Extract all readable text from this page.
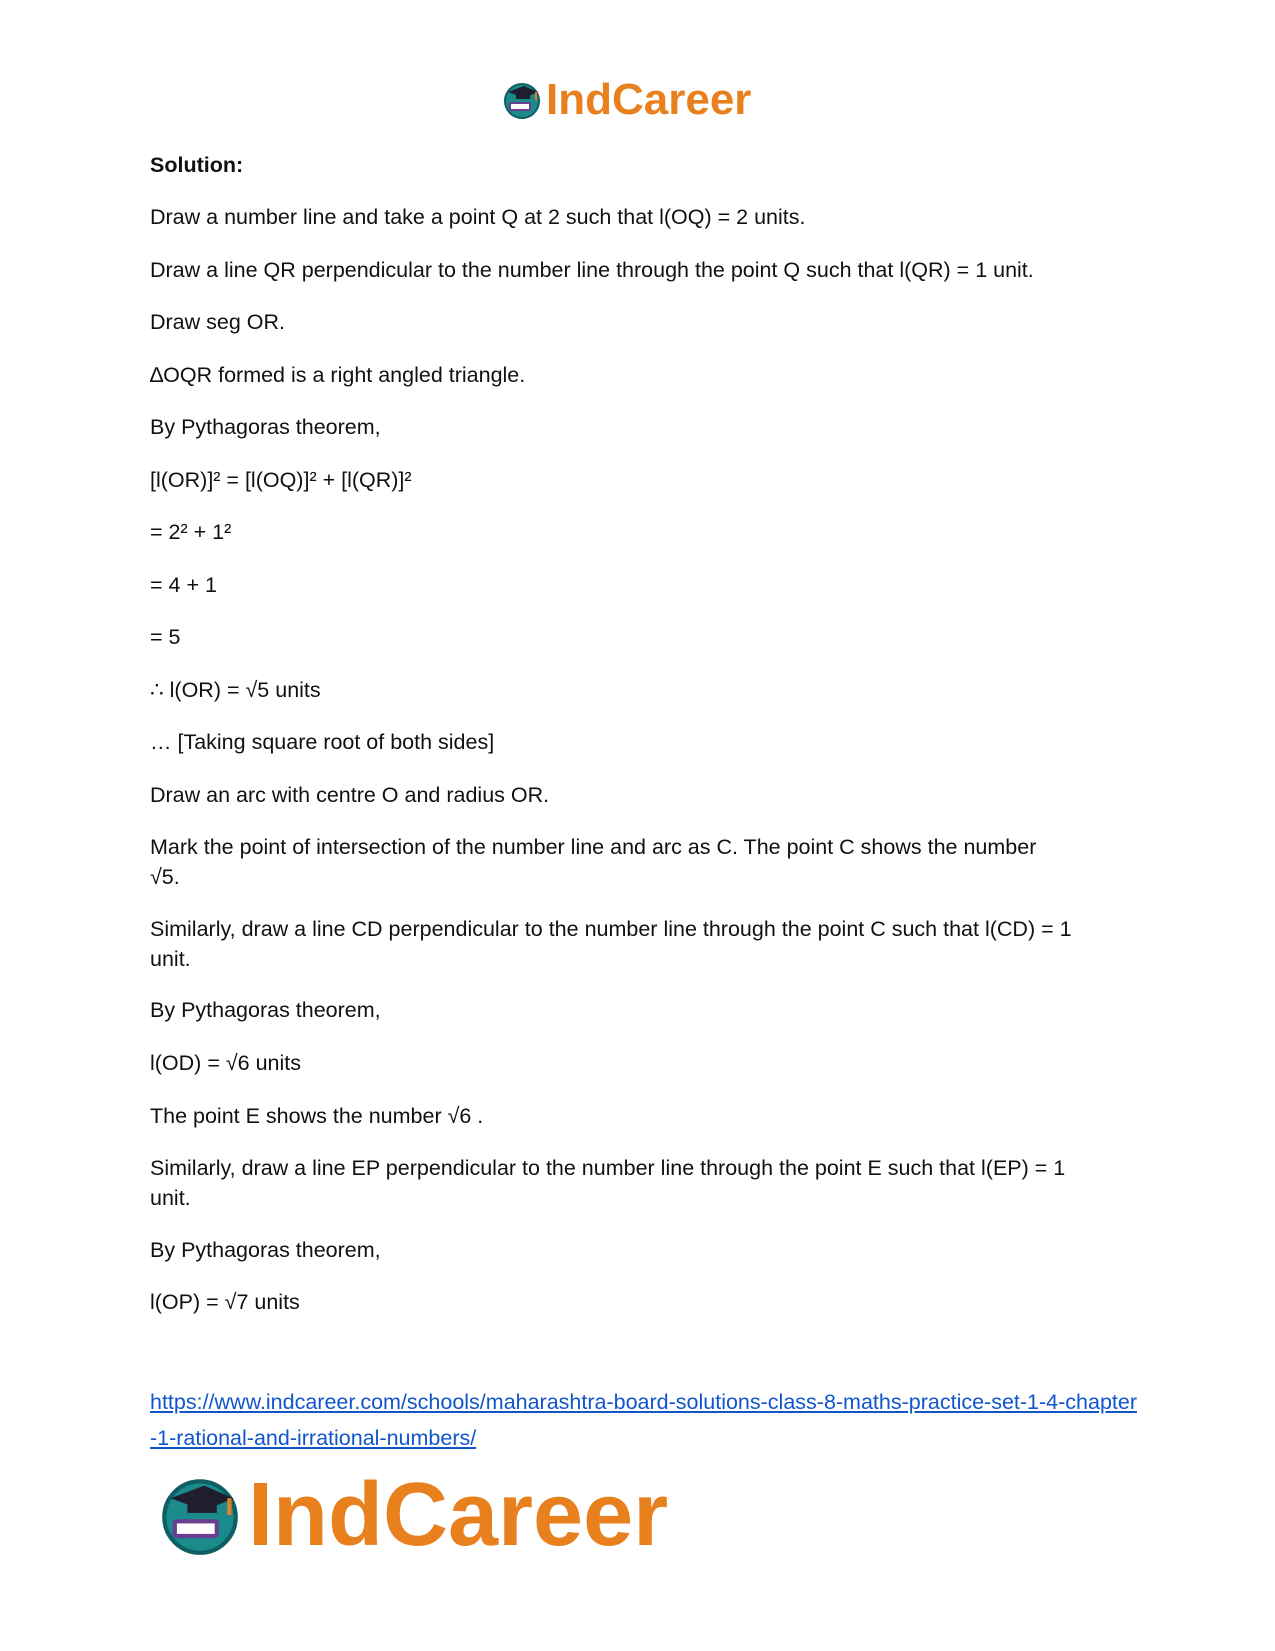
IndCareer

Solution:

Draw a number line and take a point Q at 2 such that l(OQ) = 2 units.

Draw a line QR perpendicular to the number line through the point Q such that l(QR) = 1 unit.

Draw seg OR.

∆OQR formed is a right angled triangle.

By Pythagoras theorem,

[l(OR)]² = [l(OQ)]² + [l(QR)]²

= 2² + 1²

= 4 + 1

= 5

∴ l(OR) = √5 units

… [Taking square root of both sides]

Draw an arc with centre O and radius OR.

Mark the point of intersection of the number line and arc as C. The point C shows the number √5.

Similarly, draw a line CD perpendicular to the number line through the point C such that l(CD) = 1 unit.

By Pythagoras theorem,

l(OD) = √6 units

The point E shows the number √6 .

Similarly, draw a line EP perpendicular to the number line through the point E such that l(EP) = 1 unit.

By Pythagoras theorem,

l(OP) = √7 units

https://www.indcareer.com/schools/maharashtra-board-solutions-class-8-maths-practice-set-1-4-chapter-1-rational-and-irrational-numbers/
IndCareer
